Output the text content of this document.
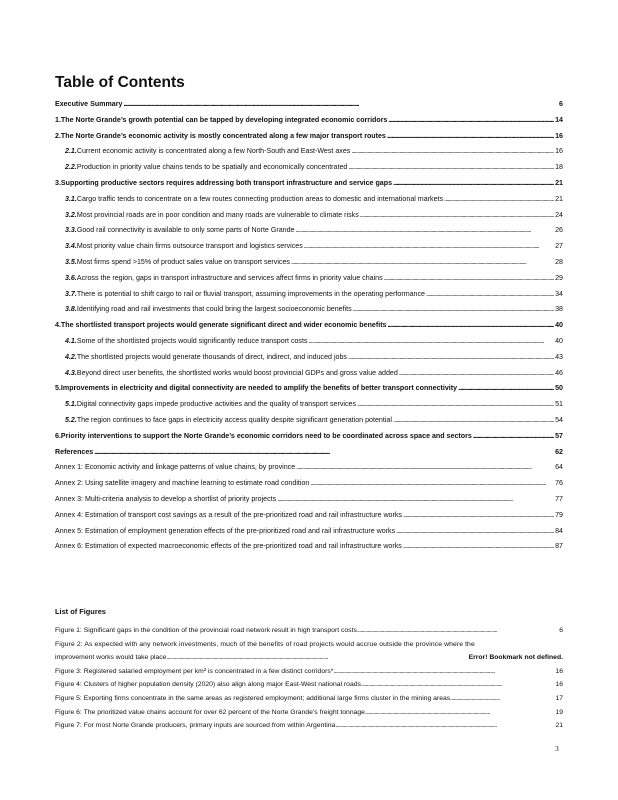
Table of Contents
Executive Summary . . .	6
1.The Norte Grande’s growth potential can be tapped by developing integrated economic corridors . . .	14
2.The Norte Grande’s economic activity is mostly concentrated along a few major transport routes . . .	16
2.1.Current economic activity is concentrated along a few North-South and East-West axes . . .	16
2.2.Production in priority value chains tends to be spatially and economically concentrated . . .	18
3.Supporting productive sectors requires addressing both transport infrastructure and service gaps . . .	21
3.1.Cargo traffic tends to concentrate on a few routes connecting production areas to domestic and international markets . . .	21
3.2.Most provincial roads are in poor condition and many roads are vulnerable to climate risks . . .	24
3.3.Good rail connectivity is available to only some parts of Norte Grande . . .	26
3.4.Most priority value chain firms outsource transport and logistics services . . .	27
3.5.Most firms spend >15% of product sales value on transport services . . .	28
3.6.Across the region, gaps in transport infrastructure and services affect firms in priority value chains . . .	29
3.7.There is potential to shift cargo to rail or fluvial transport, assuming improvements in the operating performance . . .	34
3.8.Identifying road and rail investments that could bring the largest socioeconomic benefits . . .	38
4.The shortlisted transport projects would generate significant direct and wider economic benefits . . .	40
4.1.Some of the shortlisted projects would significantly reduce transport costs . . .	40
4.2.The shortlisted projects would generate thousands of direct, indirect, and induced jobs . . .	43
4.3.Beyond direct user benefits, the shortlisted works would boost provincial GDPs and gross value added . . .	46
5.Improvements in electricity and digital connectivity are needed to amplify the benefits of better transport connectivity . . .	50
5.1.Digital connectivity gaps impede productive activities and the quality of transport services . . .	51
5.2.The region continues to face gaps in electricity access quality despite significant generation potential . . .	54
6.Priority interventions to support the Norte Grande’s economic corridors need to be coordinated across space and sectors . . .	57
References . . .	62
Annex 1: Economic activity and linkage patterns of value chains, by province . . .	64
Annex 2: Using satellite imagery and machine learning to estimate road condition . . .	76
Annex 3: Multi-criteria analysis to develop a shortlist of priority projects . . .	77
Annex 4: Estimation of transport cost savings as a result of the pre-prioritized road and rail infrastructure works . . .	79
Annex 5: Estimation of employment generation effects of the pre-prioritized road and rail infrastructure works . . .	84
Annex 6: Estimation of expected macroeconomic effects of the pre-prioritized road and rail infrastructure works . . .	87
List of Figures
Figure 1: Significant gaps in the condition of the provincial road network result in high transport costs . . . . . . . . . . . . . . . . . . . . . . . . . . . . . . . . . . . . . . . . . . . . . . . . . . . . . . . . . . . . . . . . . . . . . . . . . . . . . . . . . . . . . . . . . . . . . . . . . . . . . . . . . . . . . . . . . . . . . . .	6
Figure 2: As expected with any network investments, much of the benefits of road projects would accrue outside the province where the
improvement works would take place . . . . . . . . . . . . . . . . . . . . . . . . . . . . . . . . . . . . . . . . . . . . . . . . . . . . . . . . . . . . . . . . . . . . . . . . . . . . . . . . . . . . . . . . . . . . . . . . . . . . . . . . . . . . . . . . . . . . . . . . . . . . . . . . . . . . . . . . .	Error! Bookmark not defined.
Figure 3: Registered salaried employment per km² is concentrated in a few distinct corridors* . . . . . . . . . . . . . . . . . . . . . . . . . . . . . . . . . . . . . . . . . . . . . . . . . . . . . . . . . . . . . . . . . . . . . . . . . . . . . . . . . . . . . . . . . . . . . . . . . . . . . . . . . . . . . . . . . . . . . . . . . . . . . . . . . . . . . . . . .	16
Figure 4: Clusters of higher population density (2020) also align along major East-West national roads . . . . . . . . . . . . . . . . . . . . . . . . . . . . . . . . . . . . . . . . . . . . . . . . . . . . . . . . . . . . . . . . . . . . . . . . . . . . . . . . . . . . . . . . . . . . . . . . . . . . . . . . . . . . . . . . . . . . . . . .	16
Figure 5: Exporting firms concentrate in the same areas as registered employment; additional large firms cluster in the mining areas . . . . . . . . . . . . . . . . . . . . . . . . . . . . . . . . . . . . . . . . . .	17
Figure 6: The prioritized value chains account for over 62 percent of the Norte Grande’s freight tonnage . . . . . . . . . . . . . . . . . . . . . . . . . . . . . . . . . . . . . . . . . . . . . . . . . . . . . . . . . . . . . . . . . . . . . . . . . . . . . . . . . . . . . . . . . . . . . . . . . . . . . . . . . .	19
Figure 7: For most Norte Grande producers, primary inputs are sourced from within Argentina . . . . . . . . . . . . . . . . . . . . . . . . . . . . . . . . . . . . . . . . . . . . . . . . . . . . . . . . . . . . . . . . . . . . . . . . . . . . . . . . . . . . . . . . . . . . . . . . . . . . . . . . . . . . . . . . . . . . . . . . . . . . . . . . . . . . . . . . .	21
3
